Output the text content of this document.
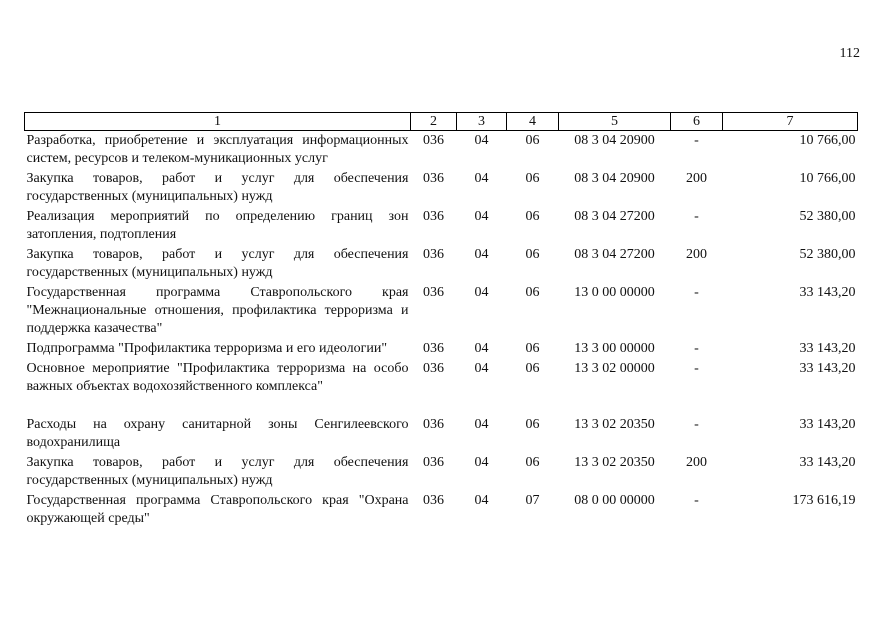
112
1	2	3	4	5	6	7
Разработка, приобретение и эксплуатация информационных систем, ресурсов и телеком-муникационных услуг	036	04	06	08 3 04 20900	-	10 766,00
Закупка товаров, работ и услуг для обеспечения государственных (муниципальных) нужд	036	04	06	08 3 04 20900	200	10 766,00
Реализация мероприятий по определению границ зон затопления, подтопления	036	04	06	08 3 04 27200	-	52 380,00
Закупка товаров, работ и услуг для обеспечения государственных (муниципальных) нужд	036	04	06	08 3 04 27200	200	52 380,00
Государственная программа Ставропольского края "Межнациональные отношения, профилактика терроризма и поддержка казачества"	036	04	06	13 0 00 00000	-	33 143,20
Подпрограмма "Профилактика терроризма и его идеологии"	036	04	06	13 3 00 00000	-	33 143,20
Основное мероприятие "Профилактика терроризма на особо важных объектах водохозяйственного комплекса"	036	04	06	13 3 02 00000	-	33 143,20
Расходы на охрану санитарной зоны Сенгилеевского водохранилища	036	04	06	13 3 02 20350	-	33 143,20
Закупка товаров, работ и услуг для обеспечения государственных (муниципальных) нужд	036	04	06	13 3 02 20350	200	33 143,20
Государственная программа Ставропольского края "Охрана окружающей среды"	036	04	07	08 0 00 00000	-	173 616,19
